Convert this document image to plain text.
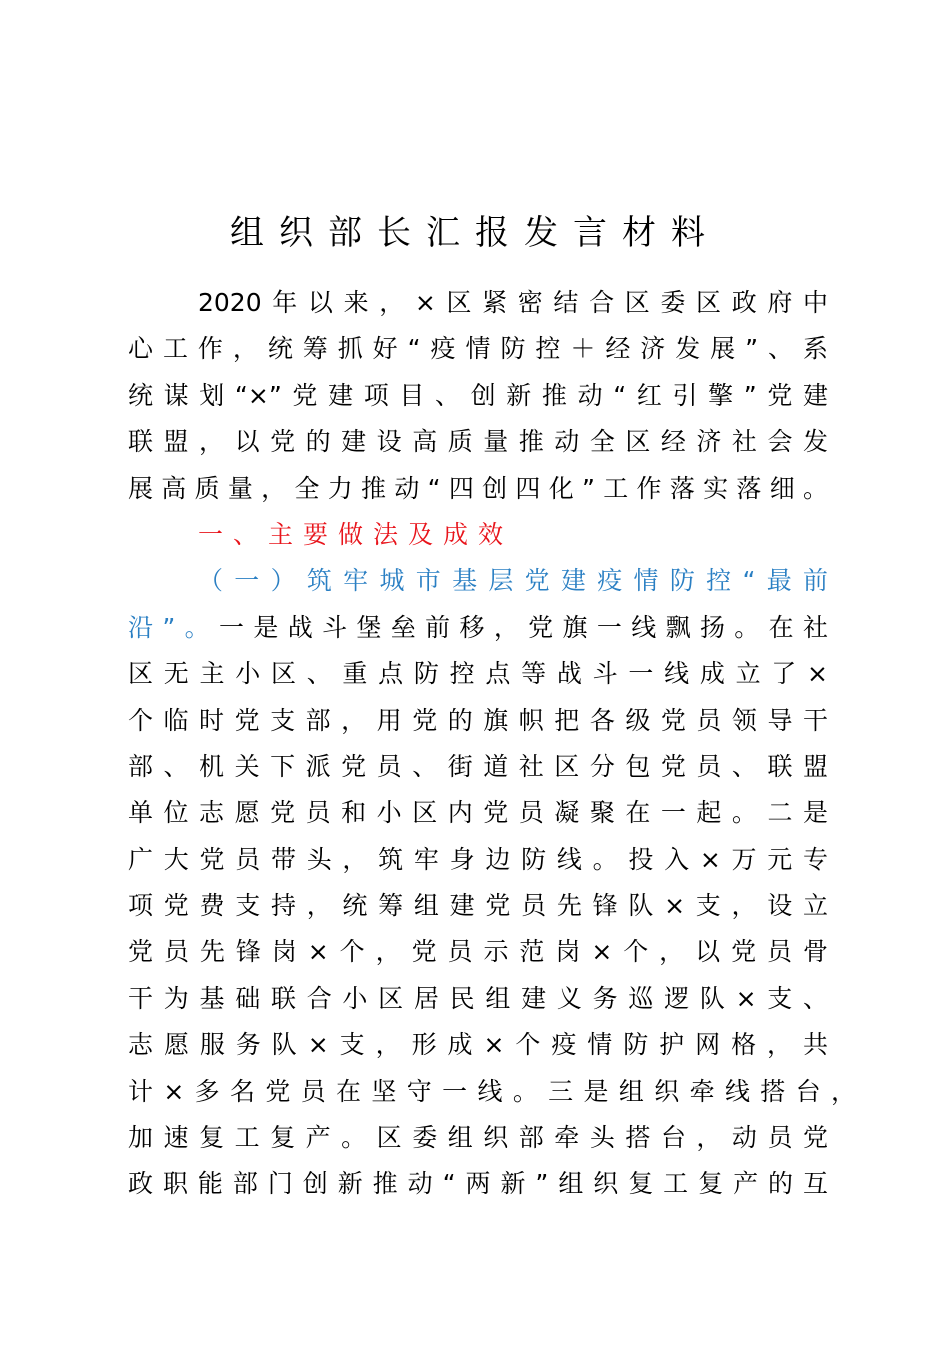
组织部长汇报发言材料
2020年以来，×区紧密结合区委区政府中
心工作，统筹抓好“疫情防控＋经济发展”、系
统谋划“×”党建项目、创新推动“红引擎”党建
联盟，以党的建设高质量推动全区经济社会发
展高质量，全力推动“四创四化”工作落实落细。
一、主要做法及成效
（一）筑牢城市基层党建疫情防控“最前
沿”。一是战斗堡垒前移，党旗一线飘扬。在社
区无主小区、重点防控点等战斗一线成立了×
个临时党支部，用党的旗帜把各级党员领导干
部、机关下派党员、街道社区分包党员、联盟
单位志愿党员和小区内党员凝聚在一起。二是
广大党员带头，筑牢身边防线。投入×万元专
项党费支持，统筹组建党员先锋队×支，设立
党员先锋岗×个，党员示范岗×个，以党员骨
干为基础联合小区居民组建义务巡逻队×支、
志愿服务队×支，形成×个疫情防护网格，共
计×多名党员在坚守一线。三是组织牵线搭台，
加速复工复产。区委组织部牵头搭台，动员党
政职能部门创新推动“两新”组织复工复产的互
